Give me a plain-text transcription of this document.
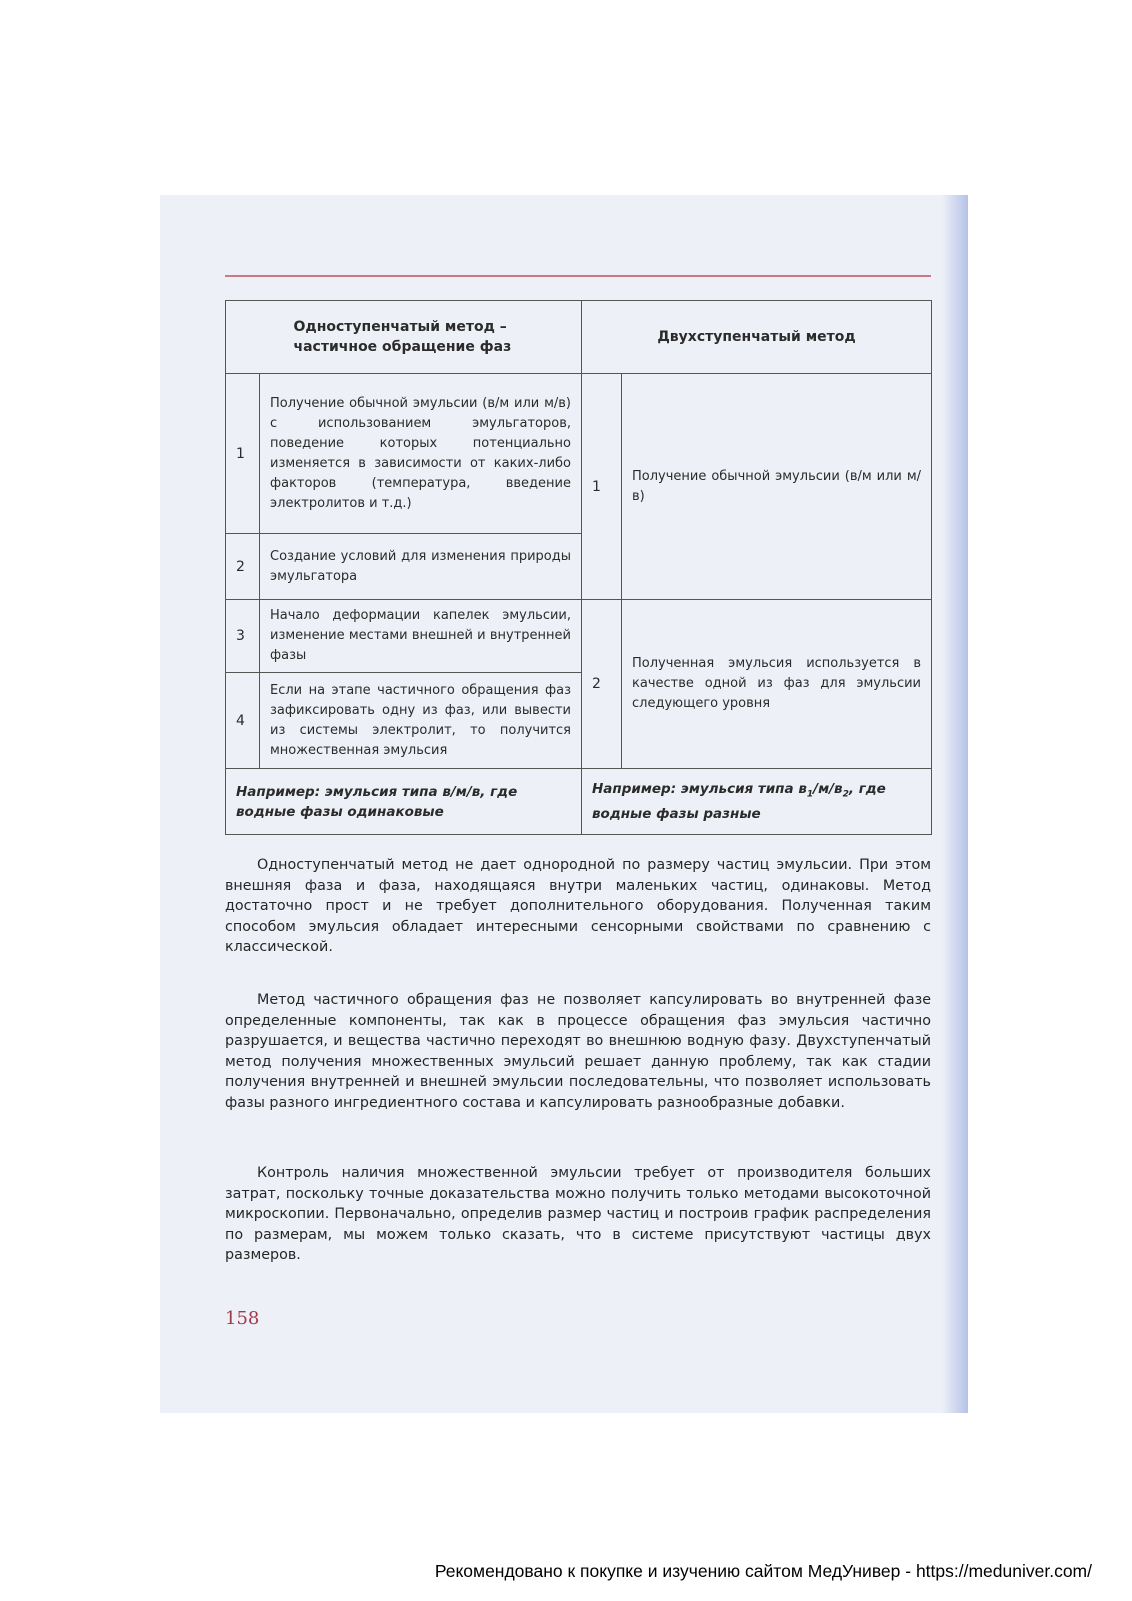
Одноступенчатый метод – частичное обращение фаз		Двухступенчатый метод	
1	Получение обычной эмульсии (в/м или м/в) с использованием эмульгаторов, поведение которых потенциально изменяется в зависимости от каких-либо факторов (температура, введение электролитов и т.д.)	1	Получение обычной эмульсии (в/м или м/в)
2	Создание условий для изменения природы эмульгатора		
3	Начало деформации капелек эмульсии, изменение местами внешней и внутренней фазы	2	Полученная эмульсия используется в качестве одной из фаз для эмульсии следующего уровня
4	Если на этапе частичного обращения фаз зафиксировать одну из фаз, или вывести из системы электролит, то получится множественная эмульсия		
Например: эмульсия типа в/м/в, где водные фазы одинаковые		Например: эмульсия типа $в_1/м/в_2$, где водные фазы разные	

Одноступенчатый метод не дает однородной по размеру частиц эмульсии. При этом внешняя фаза и фаза, находящаяся внутри маленьких частиц, одинаковы. Метод достаточно прост и не требует дополнительного оборудования. Полученная таким способом эмульсия обладает интересными сенсорными свойствами по сравнению с классической.

Метод частичного обращения фаз не позволяет капсулировать во внутренней фазе определенные компоненты, так как в процессе обращения фаз эмульсия частично разрушается, и вещества частично переходят во внешнюю водную фазу. Двухступенчатый метод получения множественных эмульсий решает данную проблему, так как стадии получения внутренней и внешней эмульсии последовательны, что позволяет использовать фазы разного ингредиентного состава и капсулировать разнообразные добавки.

Контроль наличия множественной эмульсии требует от производителя больших затрат, поскольку точные доказательства можно получить только методами высокоточной микроскопии. Первоначально, определив размер частиц и построив график распределения по размерам, мы можем только сказать, что в системе присутствуют частицы двух размеров.

158
Рекомендовано к покупке и изучению сайтом МедУнивер - https://meduniver.com/
